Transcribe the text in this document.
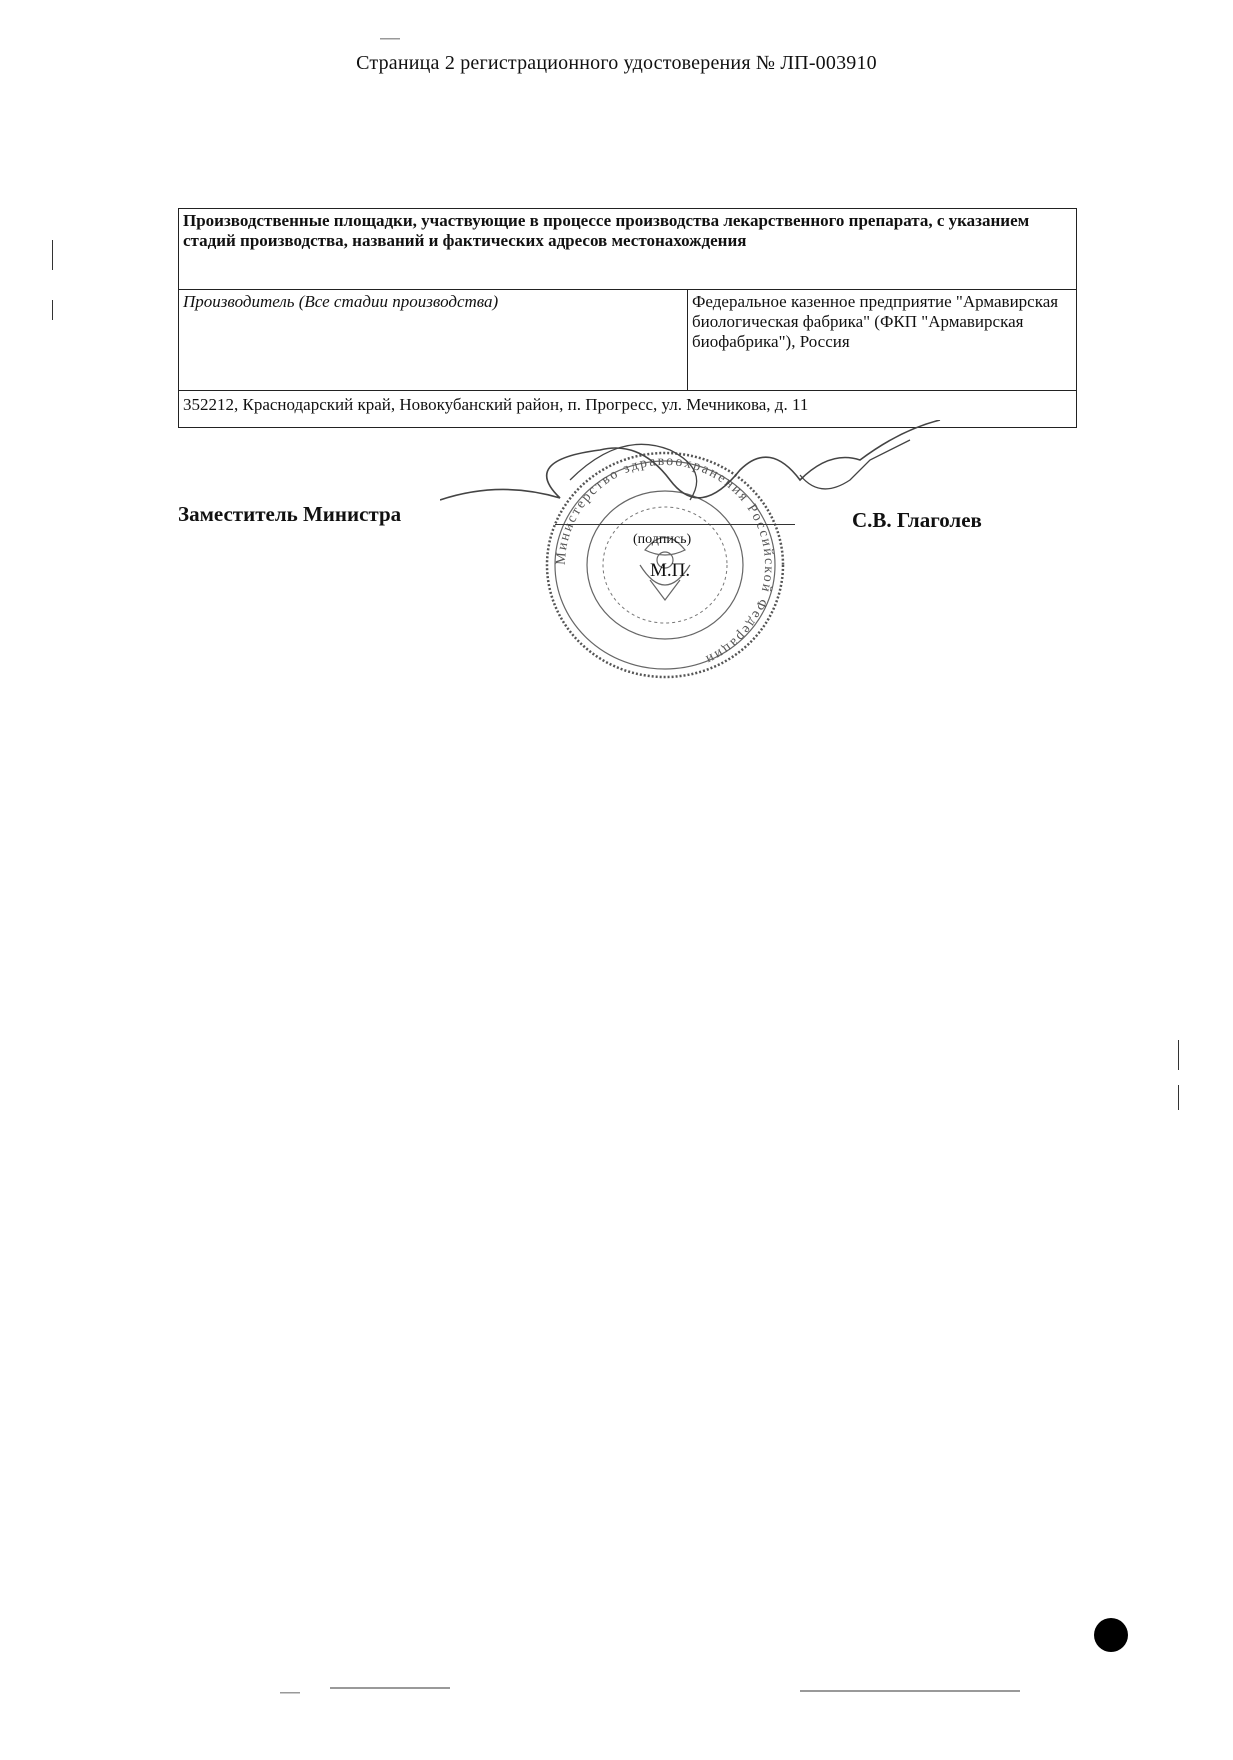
Страница 2 регистрационного удостоверения № ЛП-003910
Производственные площадки, участвующие в процессе производства лекарственного препарата, с указанием стадий производства, названий и фактических адресов местонахождения
Производитель (Все стадии производства)	Федеральное казенное предприятие "Армавирская биологическая фабрика" (ФКП "Армавирская биофабрика"), Россия
352212, Краснодарский край, Новокубанский район, п. Прогресс, ул. Мечникова, д. 11
Министерство здравоохранения Российской Федерации
Заместитель Министра
(подпись)
М.П.
С.В. Глаголев
